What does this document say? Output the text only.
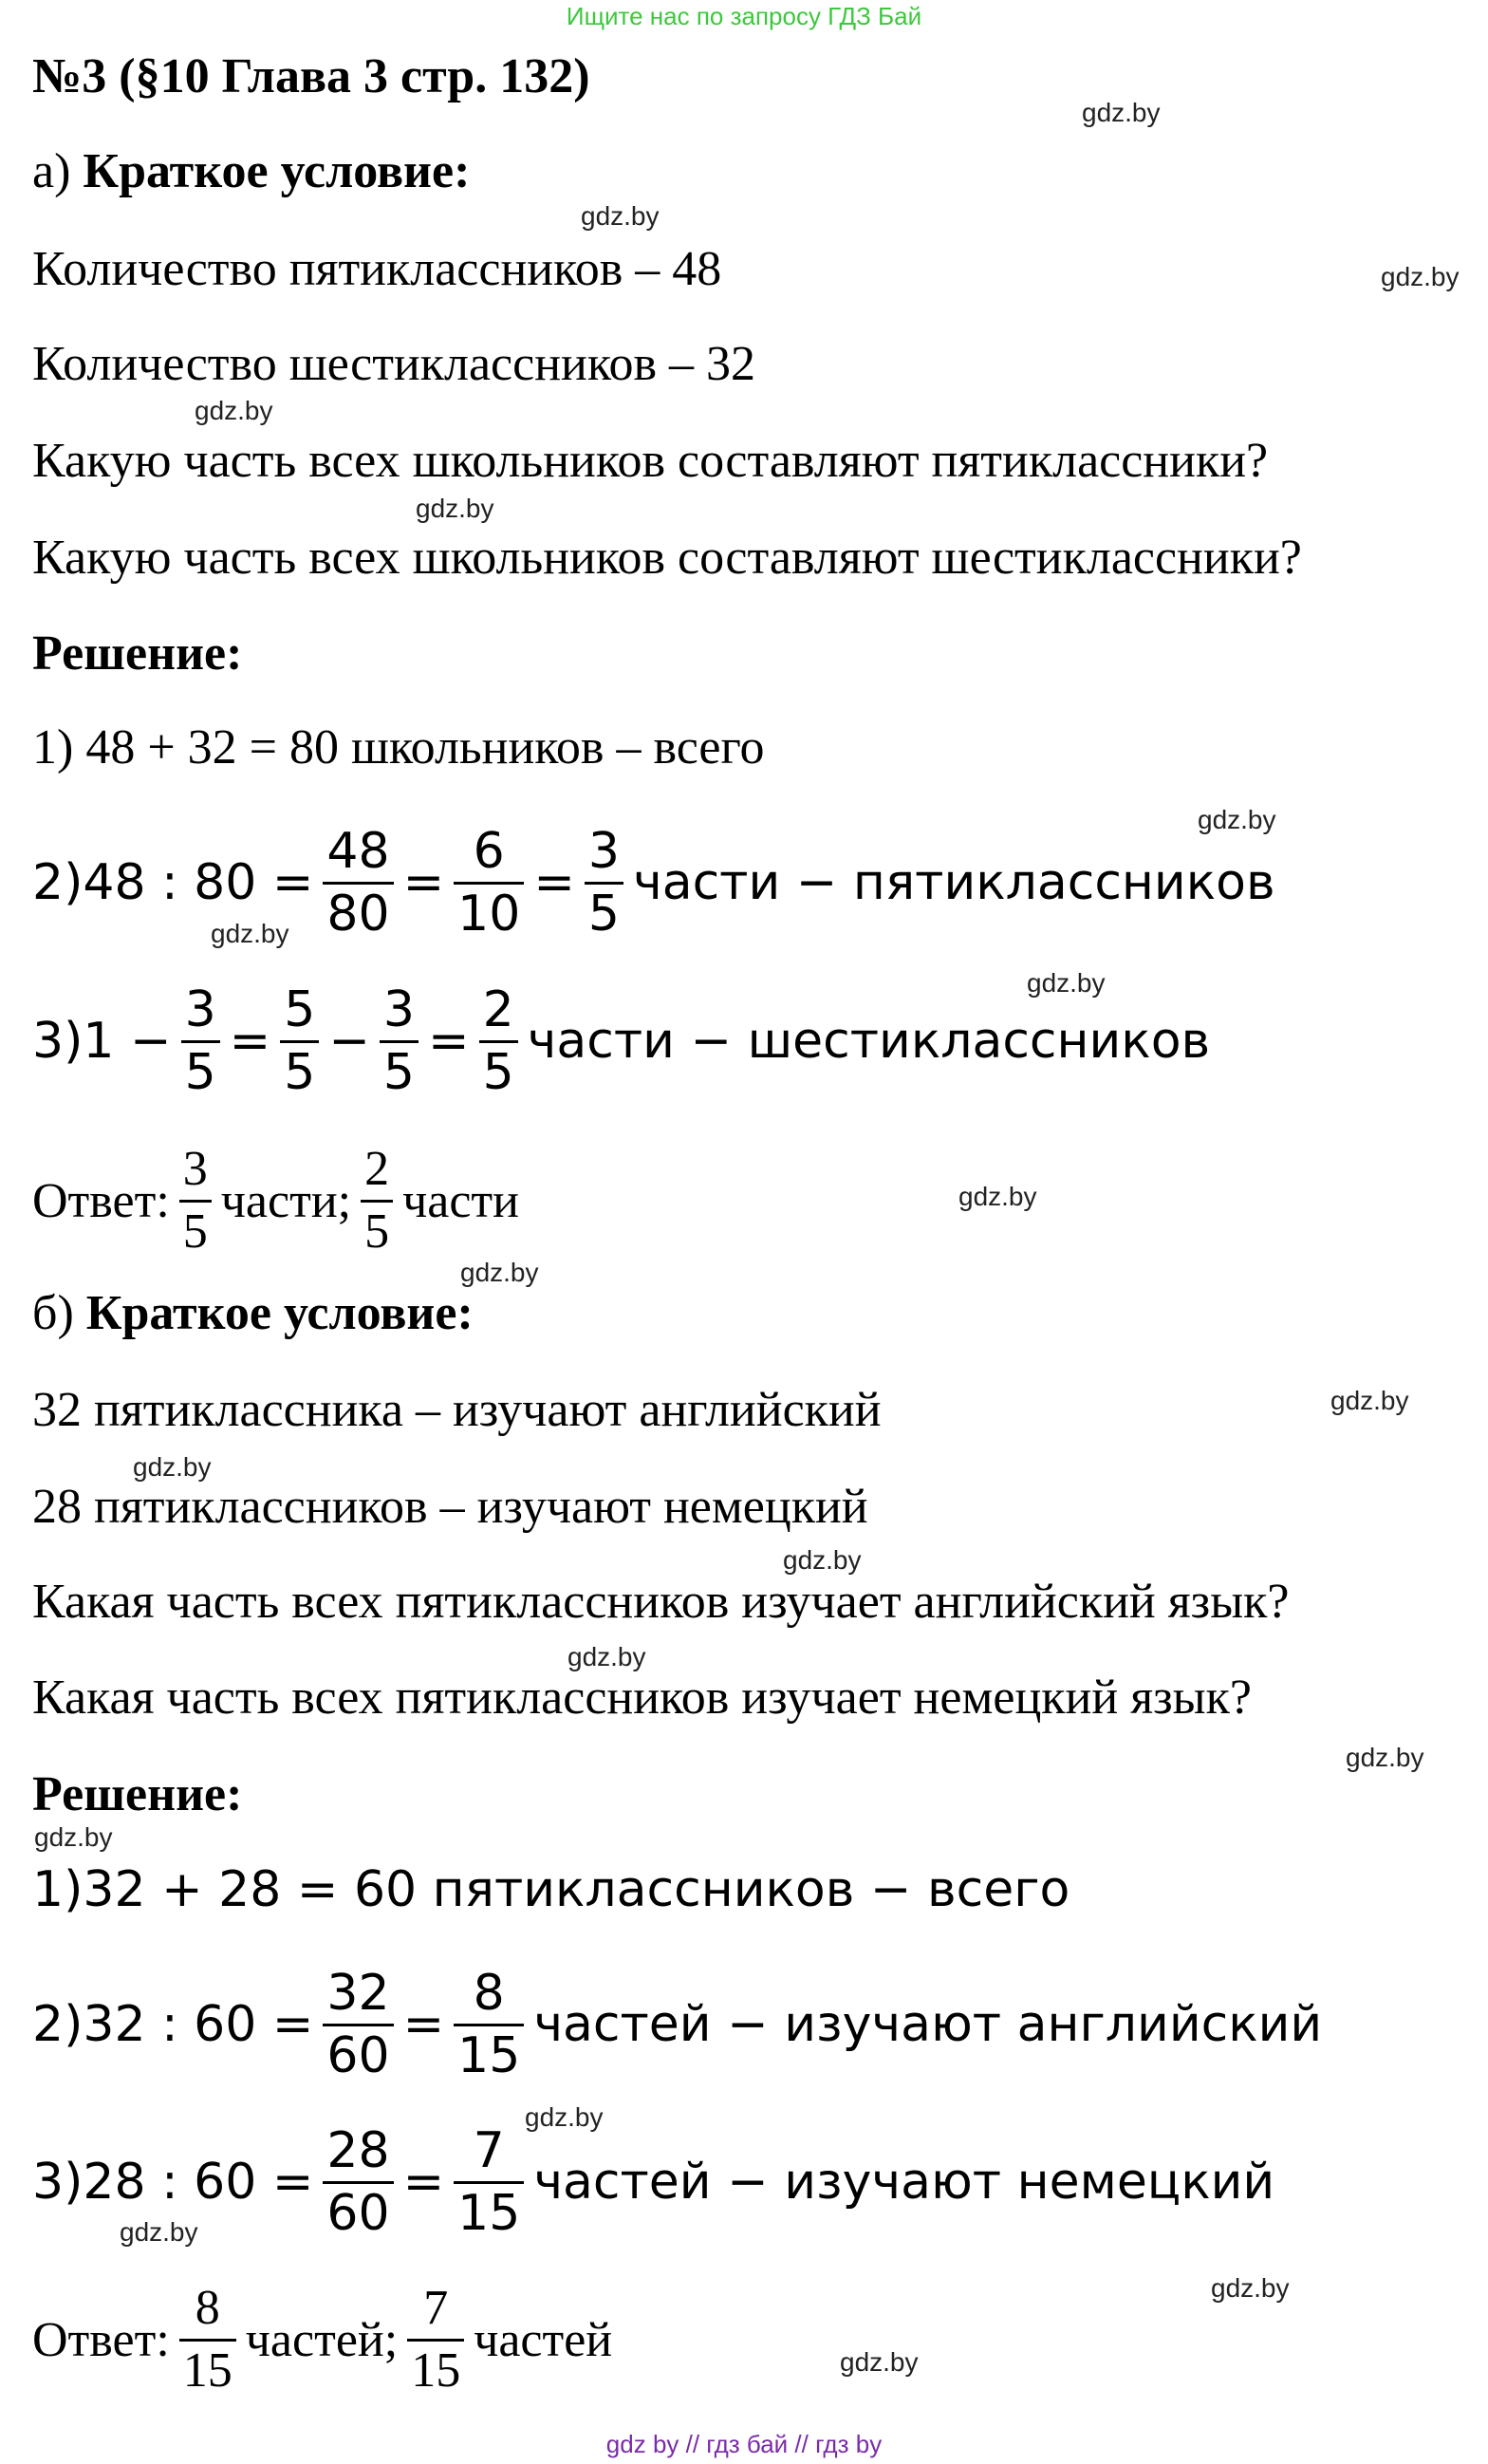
Ищите нас по запросу ГДЗ Бай
№3 (§10 Глава 3 стр. 132)
а) Краткое условие:
Количество пятиклассников – 48
Количество шестиклассников – 32
Какую часть всех школьников составляют пятиклассники?
Какую часть всех школьников составляют шестиклассники?
Решение:
1) 48 + 32 = 80 школьников – всего
2)48 : $80 = \frac{48}{80} = \frac{6}{10} = \frac{3}{5}$ части − пятиклассников
$3)1 - \frac{3}{5} = \frac{5}{5} - \frac{3}{5} = \frac{2}{5}$ части − шестиклассников
Ответ: $\frac{3}{5}$ части; $\frac{2}{5}$ части
б) Краткое условие:
32 пятиклассника – изучают английский
28 пятиклассников – изучают немецкий
Какая часть всех пятиклассников изучает английский язык?
Какая часть всех пятиклассников изучает немецкий язык?
Решение:
1)32 + 28 = 60 пятиклассников − всего
2)32 : $60 = \frac{32}{60} = \frac{8}{15}$ частей − изучают английский
3)28 : $60 = \frac{28}{60} = \frac{7}{15}$ частей − изучают немецкий
Ответ: $\frac{8}{15}$ частей; $\frac{7}{15}$ частей
gdz.by
gdz.by
gdz.by
gdz.by
gdz.by
gdz.by
gdz.by
gdz.by
gdz.by
gdz.by
gdz.by
gdz.by
gdz.by
gdz.by
gdz.by
gdz.by
gdz.by
gdz.by
gdz.by
gdz.by
gdz by // гдз бай // гдз by
